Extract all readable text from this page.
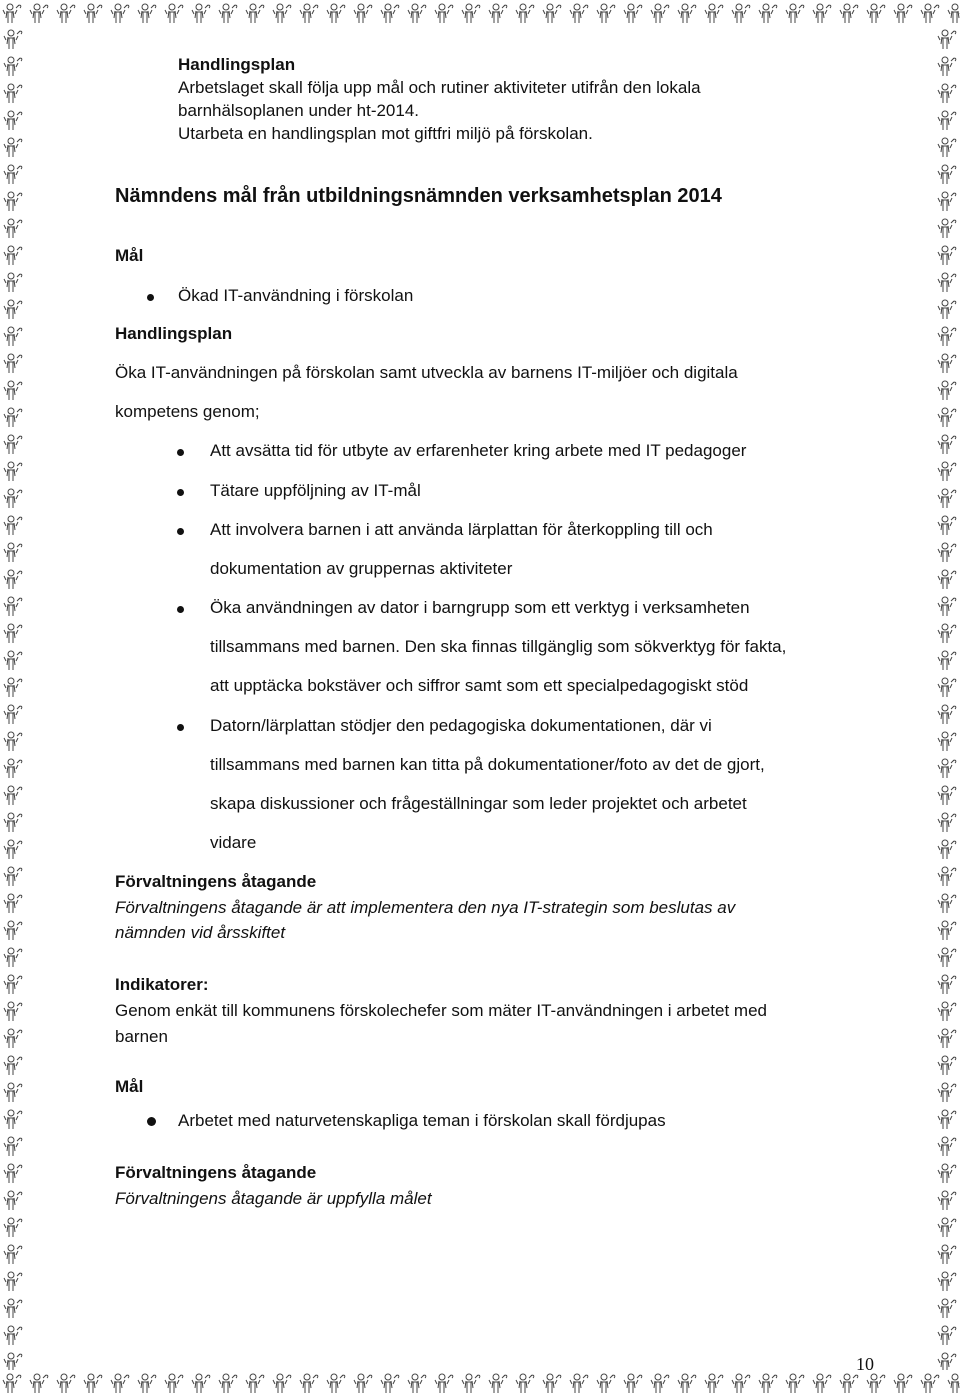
Handlingsplan
Arbetslaget skall följa upp mål och rutiner aktiviteter utifrån den lokala
barnhälsoplanen under ht-2014.
Utarbeta en handlingsplan mot giftfri miljö på förskolan.
Nämndens mål från utbildningsnämnden verksamhetsplan 2014
Mål
Ökad IT-användning i förskolan
Handlingsplan
Öka IT-användningen på förskolan samt utveckla av barnens IT-miljöer och digitala
kompetens genom;
Att avsätta tid för utbyte av erfarenheter kring arbete med IT pedagoger
Tätare uppföljning av IT-mål
Att involvera barnen i att använda lärplattan för återkoppling till och
dokumentation av gruppernas aktiviteter
Öka användningen av dator i barngrupp som ett verktyg i verksamheten
tillsammans med barnen. Den ska finnas tillgänglig som sökverktyg för fakta,
att upptäcka bokstäver och siffror samt som ett specialpedagogiskt stöd
Datorn/lärplattan stödjer den pedagogiska dokumentationen, där vi
tillsammans med barnen kan titta på dokumentationer/foto av det de gjort,
skapa diskussioner och frågeställningar som leder projektet och arbetet
vidare
Förvaltningens åtagande
Förvaltningens åtagande är att implementera den nya IT-strategin som beslutas av
nämnden vid årsskiftet
Indikatorer:
Genom enkät till kommunens förskolechefer som mäter IT-användningen i arbetet med
barnen
Mål
Arbetet med naturvetenskapliga teman i förskolan skall fördjupas
Förvaltningens åtagande
Förvaltningens åtagande är uppfylla målet
10
